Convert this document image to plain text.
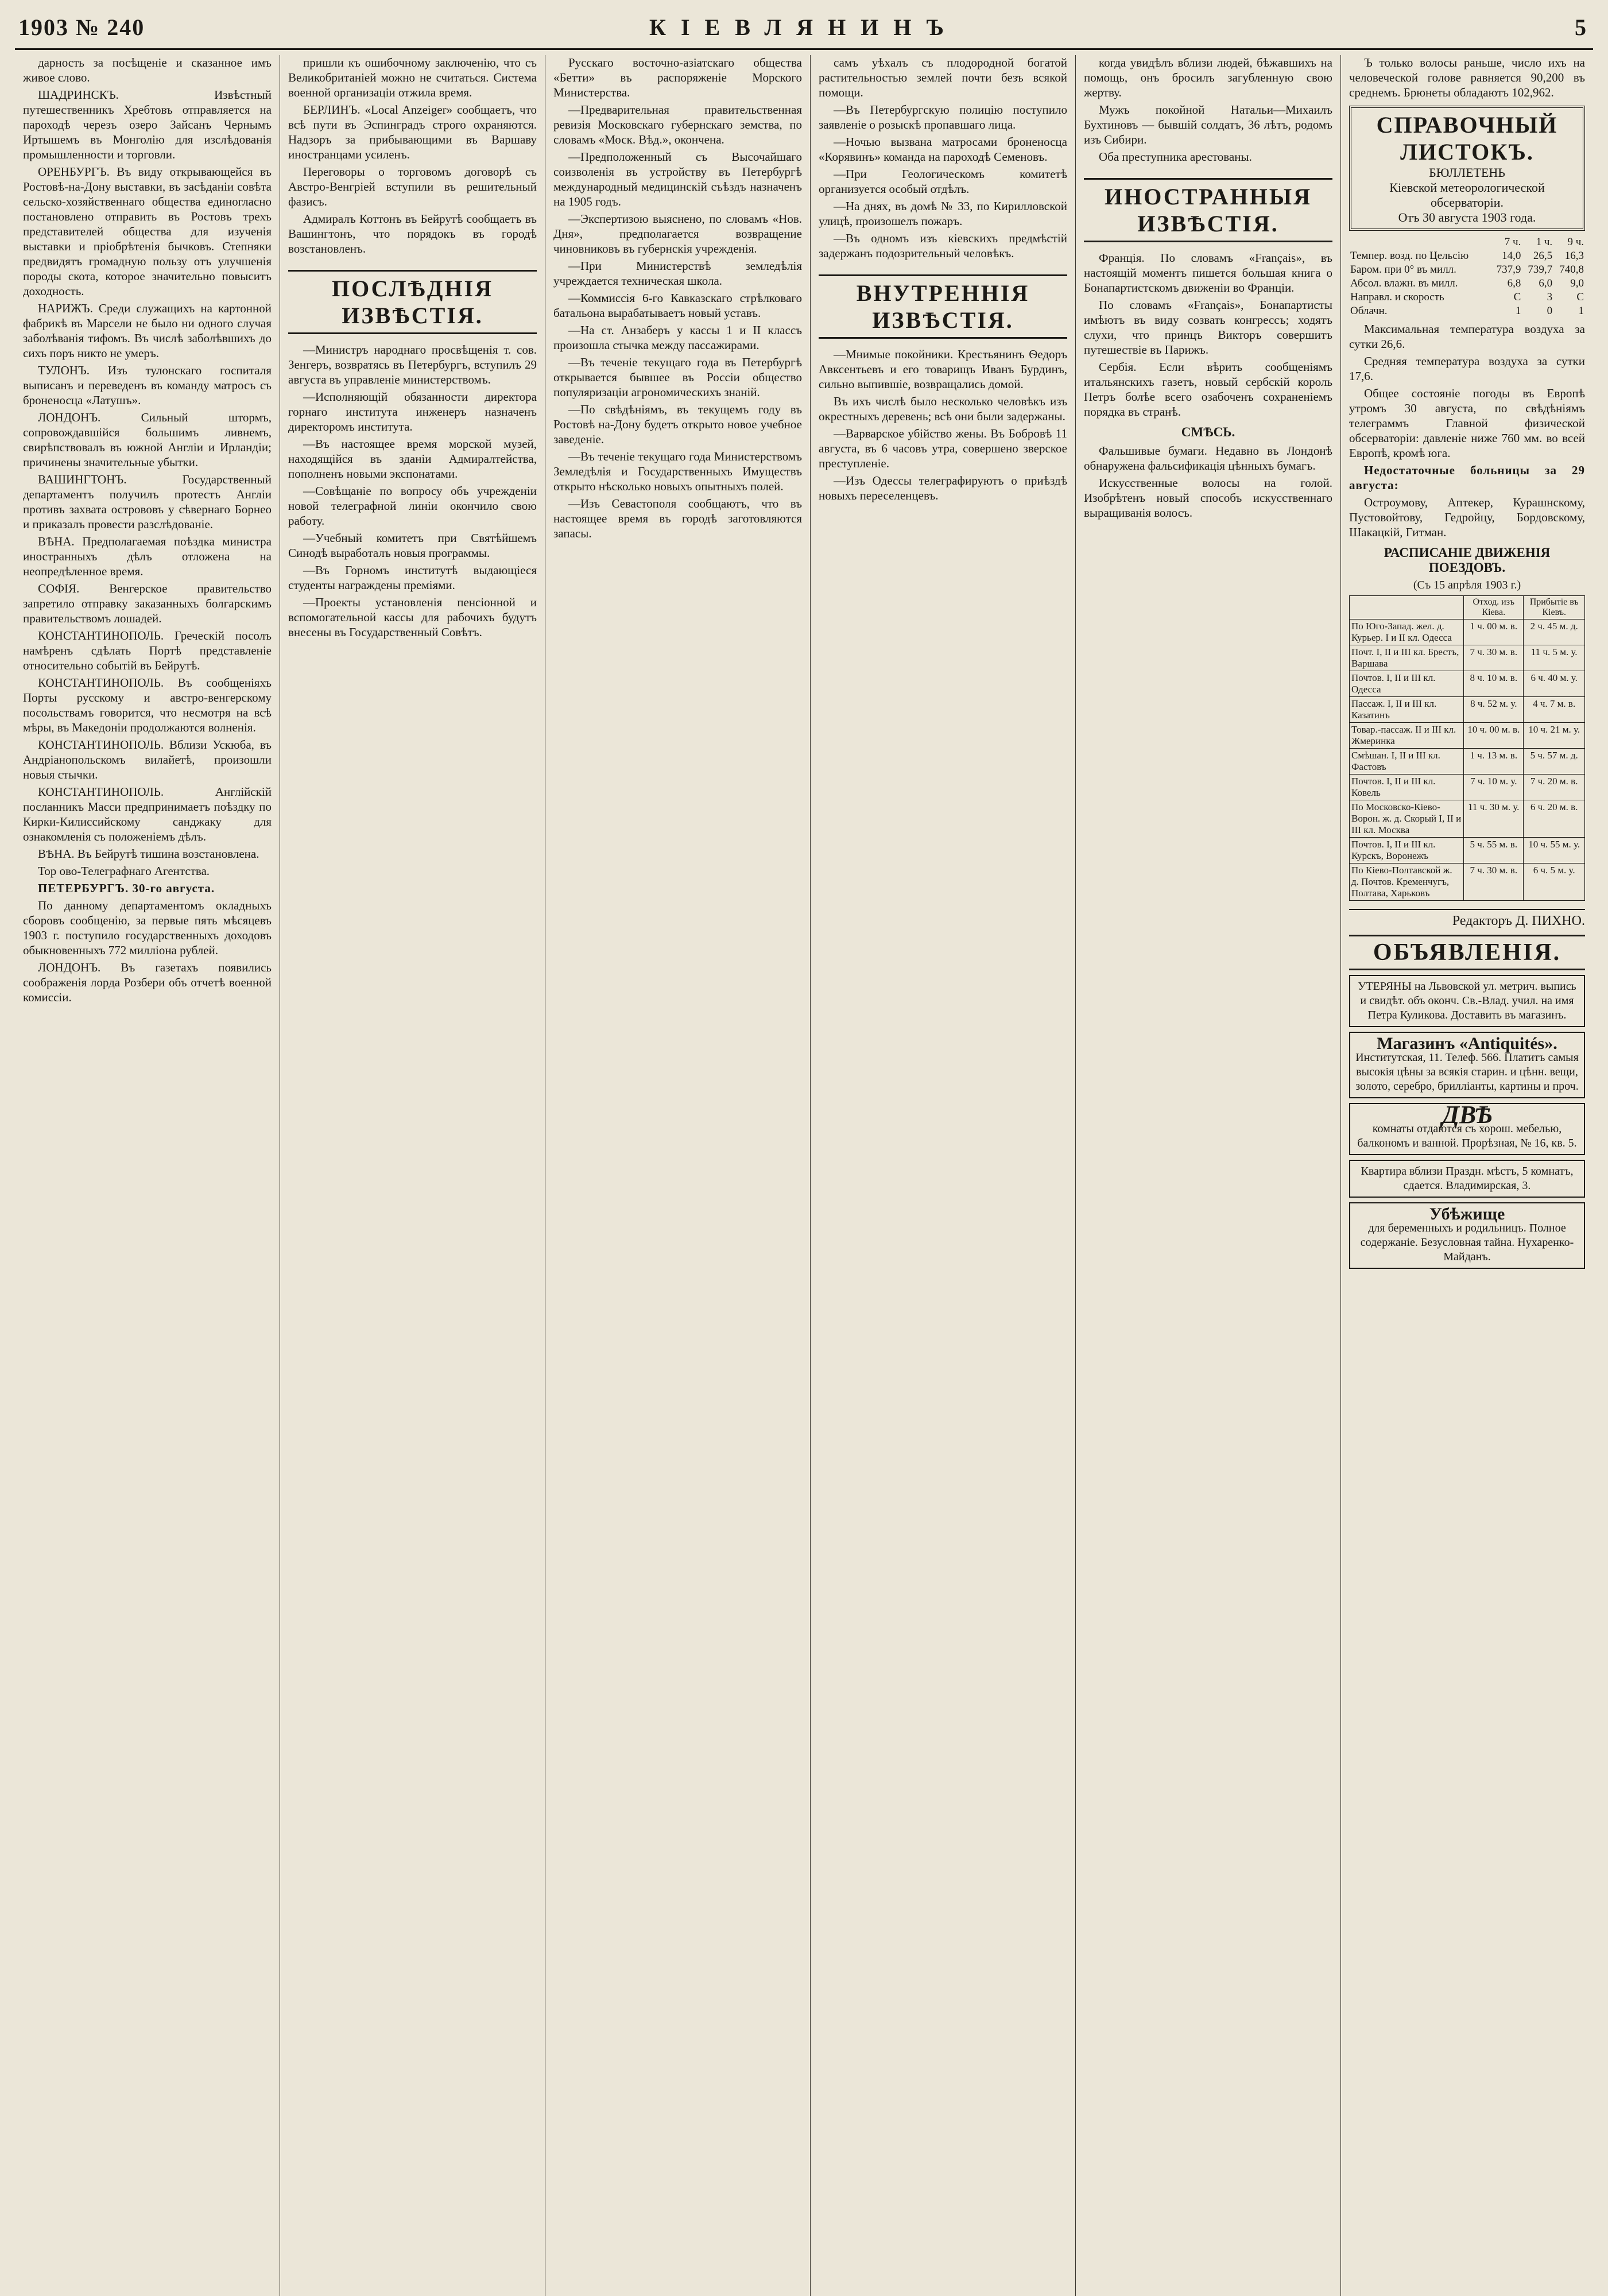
1903 № 240	КІЕВЛЯНИНЪ	5

дарность за посѣщеніе и сказанное имъ живое слово.

ШАДРИНСКЪ. Извѣстный путешественникъ Хребтовъ отправляется на пароходѣ черезъ озеро Зайсанъ Чернымъ Иртышемъ въ Монголію для изслѣдованія промышленности и торговли.

ОРЕНБУРГЪ. Въ виду открывающейся въ Ростовѣ-на-Дону выставки, въ засѣданіи совѣта сельско-хозяйственнаго общества единогласно постановлено отправить въ Ростовъ трехъ представителей общества для изученія выставки и пріобрѣтенія бычковъ. Степняки предвидятъ громадную пользу отъ улучшенія породы скота, которое значительно повыситъ доходность.

НАРИЖЪ. Среди служащихъ на картонной фабрикѣ въ Марсели не было ни одного случая заболѣванія тифомъ. Въ числѣ заболѣвшихъ до сихъ поръ никто не умеръ.

ТУЛОНЪ. Изъ тулонскаго госпиталя выписанъ и переведенъ въ команду матросъ съ броненосца «Латушъ».

ЛОНДОНЪ. Сильный штормъ, сопровождавшійся большимъ ливнемъ, свирѣпствовалъ въ южной Англіи и Ирландіи; причинены значительные убытки.

ВАШИНГТОНЪ. Государственный департаментъ получилъ протестъ Англіи противъ захвата острововъ у сѣвернаго Борнео и приказалъ провести разслѣдованіе.

ВѢНА. Предполагаемая поѣздка министра иностранныхъ дѣлъ отложена на неопредѣленное время.

СОФІЯ. Венгерское правительство запретило отправку заказанныхъ болгарскимъ правительствомъ лошадей.

КОНСТАНТИНОПОЛЬ. Греческій посолъ намѣренъ сдѣлать Портѣ представленіе относительно событій въ Бейрутѣ.

КОНСТАНТИНОПОЛЬ. Въ сообщеніяхъ Порты русскому и австро-венгерскому посольствамъ говорится, что несмотря на всѣ мѣры, въ Македоніи продолжаются волненія.

КОНСТАНТИНОПОЛЬ. Вблизи Ускюба, въ Андріанопольскомъ вилайетѣ, произошли новыя стычки.

КОНСТАНТИНОПОЛЬ. Англійскій посланникъ Масси предпринимаетъ поѣздку по Кирки-Килиссийскому санджаку для ознакомленія съ положеніемъ дѣлъ.

ВѢНА. Въ Бейрутѣ тишина возстановлена.

Тор ово-Телеграфнаго Агентства.

ПЕТЕРБУРГЪ. 30-го августа.

По данному департаментомъ окладныхъ сборовъ сообщенію, за первые пять мѣсяцевъ 1903 г. поступило государственныхъ доходовъ обыкновенныхъ 772 милліона рублей.

ЛОНДОНЪ. Въ газетахъ появились соображенія лорда Розбери объ отчетѣ военной комиссіи.

пришли къ ошибочному заключенію, что съ Великобританіей можно не считаться. Система военной организаціи отжила время.

БЕРЛИНЪ. «Local Anzeiger» сообщаетъ, что всѣ пути въ Эспинградъ строго охраняются. Надзоръ за прибывающими въ Варшаву иностранцами усиленъ.

Переговоры о торговомъ договорѣ съ Австро-Венгріей вступили въ решительный фазисъ.

Адмиралъ Коттонъ въ Бейрутѣ сообщаетъ въ Вашингтонъ, что порядокъ въ городѣ возстановленъ.

ПОСЛѢДНІЯ ИЗВѢСТІЯ.

—Министръ народнаго просвѣщенія т. сов. Зенгеръ, возвратясь въ Петербургъ, вступилъ 29 августа въ управленіе министерствомъ.

—Исполняющій обязанности директора горнаго института инженеръ назначенъ директоромъ института.

—Въ настоящее время морской музей, находящійся въ зданіи Адмиралтейства, пополненъ новыми экспонатами.

—Совѣщаніе по вопросу объ учрежденіи новой телеграфной линіи окончило свою работу.

—Учебный комитетъ при Святѣйшемъ Синодѣ выработалъ новыя программы.

—Въ Горномъ институтѣ выдающіеся студенты награждены премiями.

—Проекты установленія пенсіонной и вспомогательной кассы для рабочихъ будутъ внесены въ Государственный Совѣтъ.

Русскаго восточно-азіатскаго общества «Бетти» въ распоряженіе Морского Министерства.

—Предварительная правительственная ревизія Московскаго губернскаго земства, по словамъ «Моск. Вѣд.», окончена.

—Предположенный съ Высочайшаго соизволенія въ устройству въ Петербургѣ международный медицинскій съѣздъ назначенъ на 1905 годъ.

—Экспертизою выяснено, по словамъ «Нов. Дня», предполагается возвращение чиновниковъ въ губернскія учрежденія.

—При Министерствѣ земледѣлія учреждается техническая школа.

—Коммиссія 6-го Кавказскаго стрѣлковаго батальона вырабатываетъ новый уставъ.

—На ст. Анзаберъ у кассы 1 и II классъ произошла стычка между пассажирами.

—Въ теченіе текущаго года въ Петербургѣ открывается бывшее въ Россіи общество популяризаціи агрономическихъ знаній.

—По свѣдѣніямъ, въ текущемъ году въ Ростовѣ на-Дону будетъ открыто новое учебное заведеніе.

—Въ теченіе текущаго года Министерствомъ Земледѣлія и Государственныхъ Имуществъ открыто нѣсколько новыхъ опытныхъ полей.

—Изъ Севастополя сообщаютъ, что въ настоящее время въ городѣ заготовляются запасы.

самъ уѣхалъ съ плодородной богатой растительностью землей почти безъ всякой помощи.

—Въ Петербургскую полицію поступило заявленіе о розыскѣ пропавшаго лица.

—Ночью вызвана матросами броненосца «Корявинъ» команда на пароходѣ Семеновъ.

—При Геологическомъ комитетѣ организуется особый отдѣлъ.

—На днях, въ домѣ № 33, по Кирилловской улицѣ, произошелъ пожаръ.

—Въ одномъ изъ кіевскихъ предмѣстій задержанъ подозрительный человѣкъ.

ВНУТРЕННІЯ ИЗВѢСТІЯ.

—Мнимые покойники. Крестьянинъ Ѳедоръ Авксентьевъ и его товарищъ Иванъ Бурдинъ, сильно выпившiе, возвращались домой.

Въ ихъ числѣ было несколько человѣкъ изъ окрестныхъ деревень; всѣ они были задержаны.

—Варварское убійство жены. Въ Бобровѣ 11 августа, въ 6 часовъ утра, совершено зверское преступленіе.

—Изъ Одессы телеграфируютъ о приѣздѣ новыхъ переселенцевъ.

когда увидѣлъ вблизи людей, бѣжавшихъ на помощь, онъ бросилъ загубленную свою жертву.

Мужъ покойной Натальи—Михаилъ Бухтиновъ — бывшій солдатъ, 36 лѣтъ, родомъ изъ Сибири.

Оба преступника арестованы.

ИНОСТРАННЫЯ ИЗВѢСТІЯ.

Франція. По словамъ «Français», въ настоящій моментъ пишется большая книга о Бонапартистскомъ движеніи во Франціи.

По словамъ «Français», Бонапартисты имѣютъ въ виду созвать конгрессъ; ходятъ слухи, что принцъ Викторъ совершитъ путешествіе въ Парижъ.

Сербія. Если вѣрить сообщеніямъ итальянскихъ газетъ, новый сербскій король Петръ болѣе всего озабоченъ сохраненіемъ порядка въ странѣ.

СМѢСЬ.

Фальшивые бумаги. Недавно въ Лондонѣ обнаружена фальсификація цѣнныхъ бумагъ.

Искусственные волосы на голой. Изобрѣтенъ новый способъ искусственнаго выращиванія волосъ.

Ъ только волосы раньше, число ихъ на человеческой голове равняется 90,200 въ среднемъ. Брюнеты обладаютъ 102,962.

СПРАВОЧНЫЙ ЛИСТОКЪ.
БЮЛЛЕТЕНЬ
Кіевской метеорологической обсерваторіи.
Отъ 30 августа 1903 года.
	7 ч.	1 ч.	9 ч.
Темпер. возд. по Цельсію	14,0	26,5	16,3
Баром. при 0° въ милл.	737,9	739,7	740,8
Абсол. влажн. въ милл.	6,8	6,0	9,0
Направл. и скорость	C	3	C
Облачн.	1	0	1

Максимальная температура воздуха за сутки 26,6.

Средняя температура воздуха за сутки 17,6.

Общее состояніе погоды въ Европѣ утромъ 30 августа, по свѣдѣніямъ телеграммъ Главной физической обсерваторіи: давленіе ниже 760 мм. во всей Европѣ, кромѣ юга.

Недостаточные больницы за 29 августа:

Остроумову, Аптекер, Курашнскому, Пустовойтову, Гедройцу, Бордовскому, Шакацкій, Гитман.

РАСПИСАНІЕ ДВИЖЕНІЯ ПОЕЗДОВЪ.
(Съ 15 апрѣля 1903 г.)
	Отход. изъ Кіева.	Прибытіе въ Кіевъ.
По Юго-Запад. жел. д. Курьер. I и II кл. Одесса	1 ч. 00 м. в.	2 ч. 45 м. д.
Почт. I, II и III кл. Брестъ, Варшава	7 ч. 30 м. в.	11 ч. 5 м. у.
Почтов. I, II и III кл. Одесса	8 ч. 10 м. в.	6 ч. 40 м. у.
Пассаж. I, II и III кл. Казатинъ	8 ч. 52 м. у.	4 ч. 7 м. в.
Товар.-пассаж. II и III кл. Жмеринка	10 ч. 00 м. в.	10 ч. 21 м. у.
Смѣшан. I, II и III кл. Фастовъ	1 ч. 13 м. в.	5 ч. 57 м. д.
Почтов. I, II и III кл. Ковель	7 ч. 10 м. у.	7 ч. 20 м. в.
По Московско-Кіево-Ворон. ж. д. Скорый I, II и III кл. Москва	11 ч. 30 м. у.	6 ч. 20 м. в.
Почтов. I, II и III кл. Курскъ, Воронежъ	5 ч. 55 м. в.	10 ч. 55 м. у.
По Кіево-Полтавской ж. д. Почтов. Кременчугъ, Полтава, Харьковъ	7 ч. 30 м. в.	6 ч. 5 м. у.
Редакторъ Д. ПИХНО.
ОБЪЯВЛЕНІЯ.
УТЕРЯНЫ на Львовской ул. метрич. выпись и свидѣт. объ оконч. Св.-Влад. учил. на имя Петра Куликова. Доставить въ магазинъ.
Магазинъ «Antiquités».
Институтская, 11. Телеф. 566. Платитъ самыя высокія цѣны за всякія старин. и цѣнн. вещи, золото, серебро, брилліанты, картины и проч.
ДВѢ
комнаты отдаются съ хорош. мебелью, балкономъ и ванной. Прорѣзная, № 16, кв. 5.
Квартира вблизи Праздн. мѣстъ, 5 комнатъ, сдается. Владимирская, 3.
Убѣжище
для беременныхъ и родильницъ. Полное содержаніе. Безусловная тайна. Нухаренко-Майданъ.
